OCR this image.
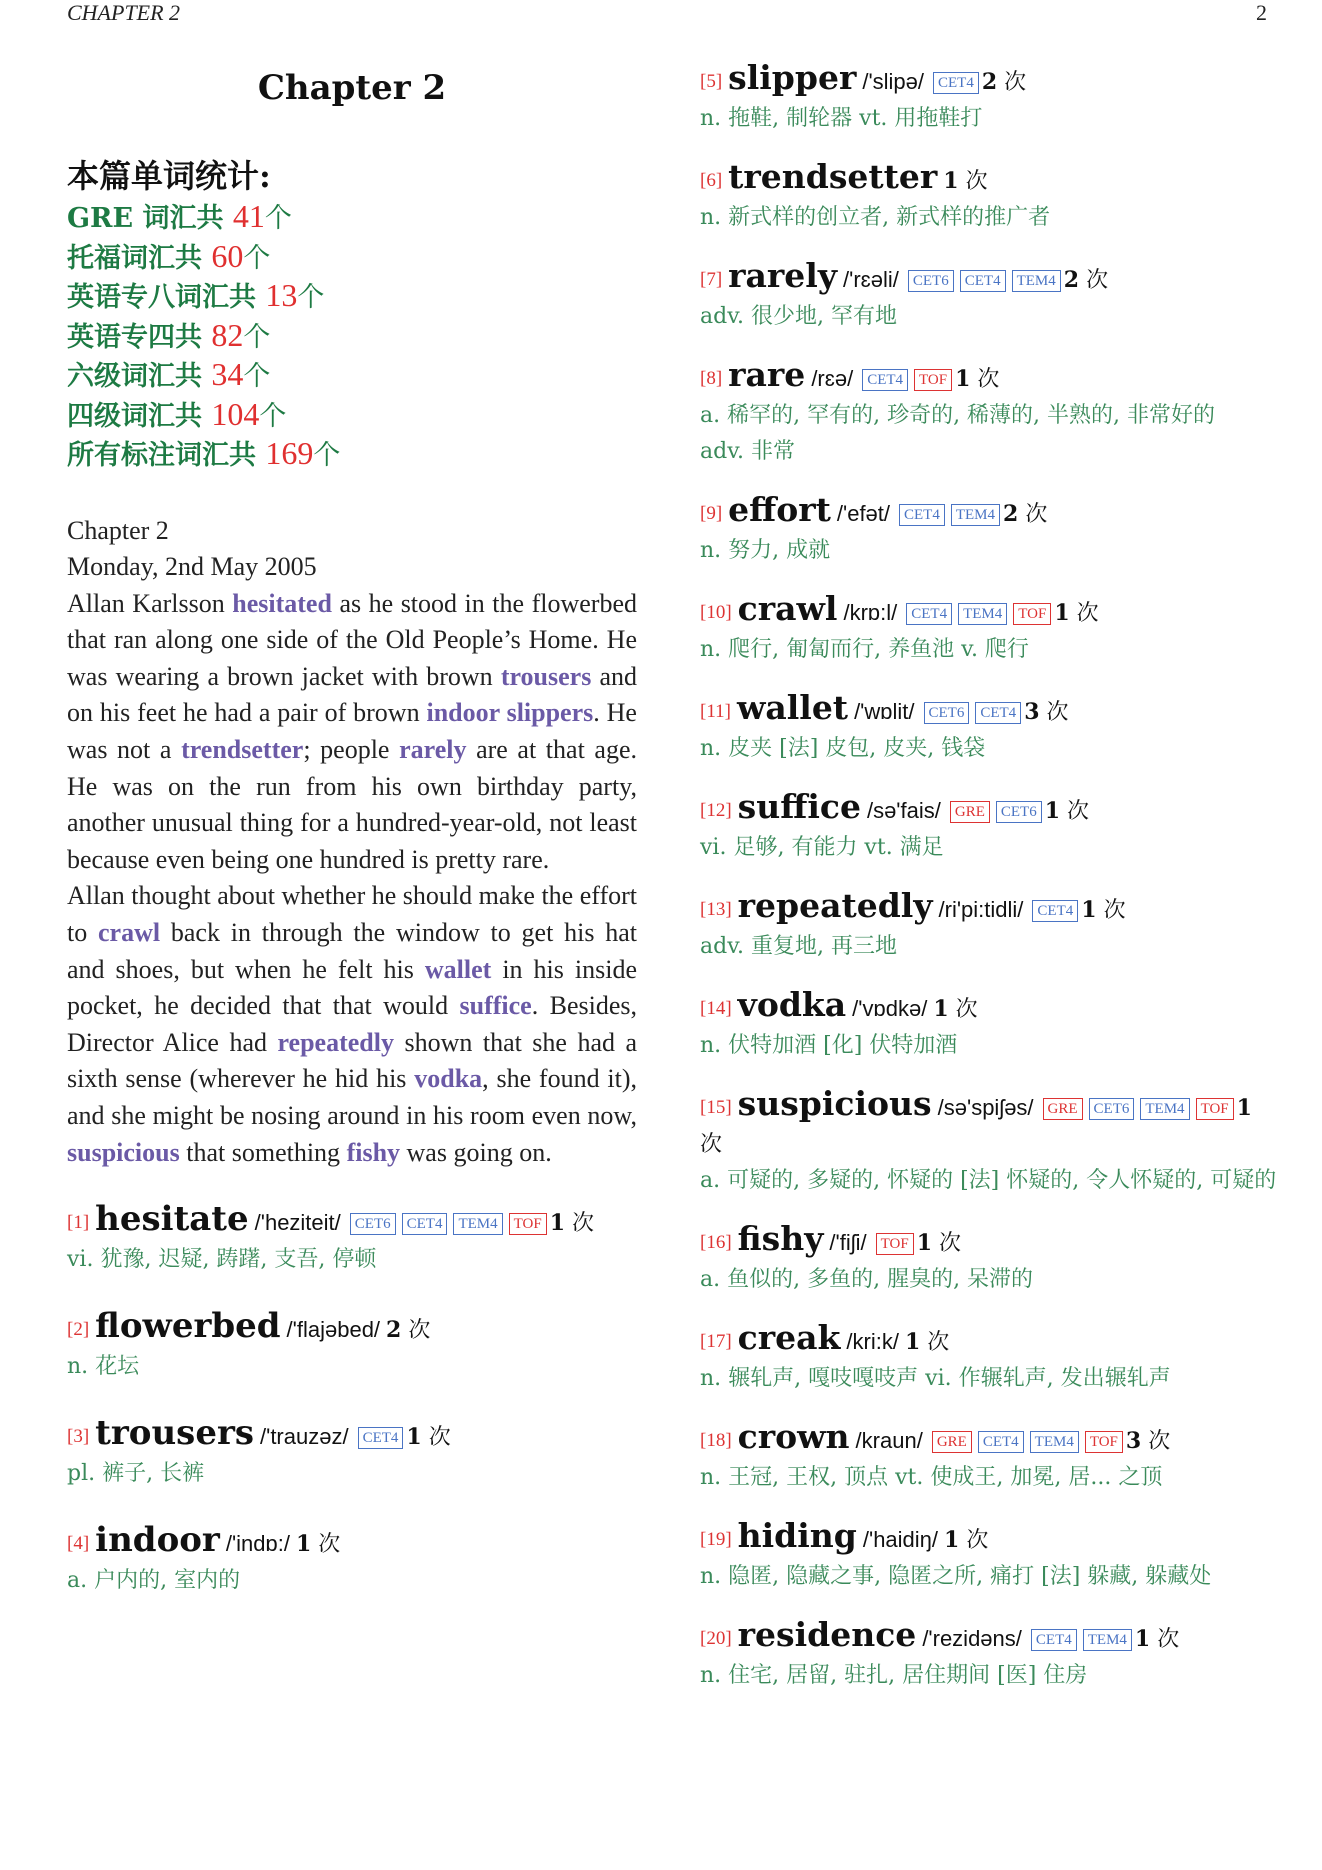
CHAPTER 2	2
Chapter 2
本篇单词统计:
GRE 词汇共 41个
托福词汇共 60个
英语专八词汇共 13个
英语专四共 82个
六级词汇共 34个
四级词汇共 104个
所有标注词汇共 169个

Chapter 2

Monday, 2nd May 2005

Allan Karlsson hesitated as he stood in the flowerbed that ran along one side of the Old People’s Home. He was wearing a brown jacket with brown trousers and on his feet he had a pair of brown indoor slippers. He was not a trendsetter; people rarely are at that age. He was on the run from his own birthday party, another unusual thing for a hundred-year-old, not least because even being one hundred is pretty rare.

Allan thought about whether he should make the effort to crawl back in through the window to get his hat and shoes, but when he felt his wallet in his inside pocket, he decided that that would suffice. Besides, Director Alice had repeatedly shown that she had a sixth sense (wherever he hid his vodka, she found it), and she might be nosing around in his room even now, suspicious that something fishy was going on.

[1] hesitate /'heziteit/ CET6 CET4 TEM4 TOF 1 次
vi. 犹豫, 迟疑, 踌躇, 支吾, 停顿
[2] flowerbed /'flajəbed/ 2 次
n. 花坛
[3] trousers /'trauzəz/ CET4 1 次
pl. 裤子, 长裤
[4] indoor /'indɒ:/ 1 次
a. 户内的, 室内的
[5] slipper /'slipə/ CET4 2 次
n. 拖鞋, 制轮器 vt. 用拖鞋打
[6] trendsetter 1 次
n. 新式样的创立者, 新式样的推广者
[7] rarely /'rɛəli/ CET6 CET4 TEM4 2 次
adv. 很少地, 罕有地
[8] rare /rɛə/ CET4 TOF 1 次
a. 稀罕的, 罕有的, 珍奇的, 稀薄的, 半熟的, 非常好的
adv. 非常
[9] effort /'efət/ CET4 TEM4 2 次
n. 努力, 成就
[10] crawl /krɒ:l/ CET4 TEM4 TOF 1 次
n. 爬行, 匍匐而行, 养鱼池 v. 爬行
[11] wallet /'wɒlit/ CET6 CET4 3 次
n. 皮夹 [法] 皮包, 皮夹, 钱袋
[12] suffice /sə'fais/ GRE CET6 1 次
vi. 足够, 有能力 vt. 满足
[13] repeatedly /ri'pi:tidli/ CET4 1 次
adv. 重复地, 再三地
[14] vodka /'vɒdkə/ 1 次
n. 伏特加酒 [化] 伏特加酒
[15] suspicious /sə'spiʃəs/ GRE CET6 TEM4 TOF 1 次
a. 可疑的, 多疑的, 怀疑的 [法] 怀疑的, 令人怀疑的, 可疑的
[16] fishy /'fiʃi/ TOF 1 次
a. 鱼似的, 多鱼的, 腥臭的, 呆滞的
[17] creak /kri:k/ 1 次
n. 辗轧声, 嘎吱嘎吱声 vi. 作辗轧声, 发出辗轧声
[18] crown /kraun/ GRE CET4 TEM4 TOF 3 次
n. 王冠, 王权, 顶点 vt. 使成王, 加冕, 居... 之顶
[19] hiding /'haidiŋ/ 1 次
n. 隐匿, 隐藏之事, 隐匿之所, 痛打 [法] 躲藏, 躲藏处
[20] residence /'rezidəns/ CET4 TEM4 1 次
n. 住宅, 居留, 驻扎, 居住期间 [医] 住房
